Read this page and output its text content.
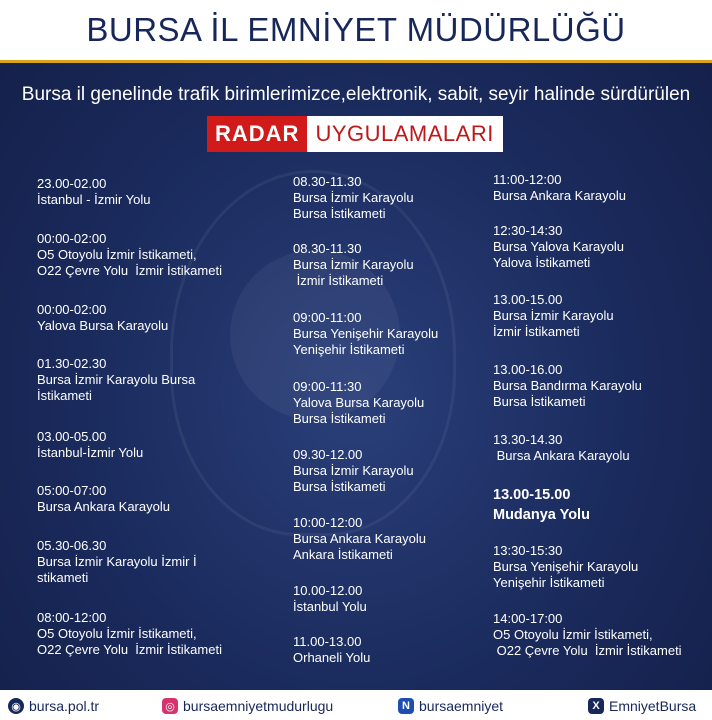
BURSA İL EMNİYET MÜDÜRLÜĞÜ
Bursa il genelinde trafik birimlerimizce,elektronik, sabit, seyir halinde sürdürülen
RADAR UYGULAMALARI
23.00-02.00
İstanbul - İzmir Yolu
00:00-02:00
O5 Otoyolu İzmir İstikameti,
O22 Çevre Yolu  İzmir İstikameti
00:00-02:00
Yalova Bursa Karayolu
01.30-02.30
Bursa İzmir Karayolu Bursa
İstikameti
03.00-05.00
İstanbul-İzmir Yolu
05:00-07:00
Bursa Ankara Karayolu
05.30-06.30
Bursa İzmir Karayolu İzmir İ
stikameti
08:00-12:00
O5 Otoyolu İzmir İstikameti,
O22 Çevre Yolu  İzmir İstikameti
08.30-11.30
Bursa İzmir Karayolu
Bursa İstikameti
08.30-11.30
Bursa İzmir Karayolu
İzmir İstikameti
09:00-11:00
Bursa Yenişehir Karayolu
Yenişehir İstikameti
09:00-11:30
Yalova Bursa Karayolu
Bursa İstikameti
09.30-12.00
Bursa İzmir Karayolu
Bursa İstikameti
10:00-12:00
Bursa Ankara Karayolu
Ankara İstikameti
10.00-12.00
İstanbul Yolu
11.00-13.00
Orhaneli Yolu
11:00-12:00
Bursa Ankara Karayolu
12:30-14:30
Bursa Yalova Karayolu
Yalova İstikameti
13.00-15.00
Bursa İzmir Karayolu
İzmir İstikameti
13.00-16.00
Bursa Bandırma Karayolu
Bursa İstikameti
13.30-14.30
Bursa Ankara Karayolu
13.00-15.00
Mudanya Yolu
13:30-15:30
Bursa Yenişehir Karayolu
Yenişehir İstikameti
14:00-17:00
O5 Otoyolu İzmir İstikameti,
O22 Çevre Yolu  İzmir İstikameti
◉ bursa.pol.tr	◎ bursaemniyetmudurlugu	N bursaemniyet	X EmniyetBursa
